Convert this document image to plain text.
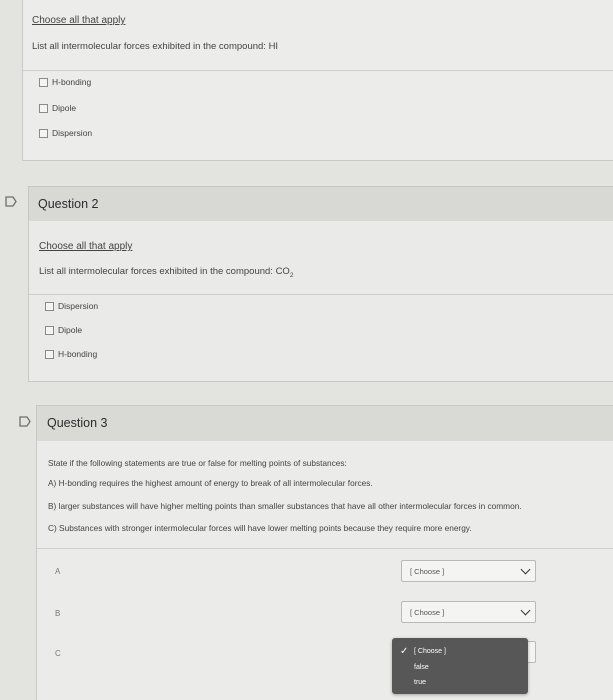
Choose all that apply
List all intermolecular forces exhibited in the compound: HI
H-bonding
Dipole
Dispersion
Question 2
Choose all that apply
List all intermolecular forces exhibited in the compound: $CO_2$
Dispersion
Dipole
H-bonding
Question 3
State if the following statements are true or false for melting points of substances:
A) H-bonding requires the highest amount of energy to break of all intermolecular forces.
B) larger substances will have higher melting points than smaller substances that have all other intermolecular forces in common.
C) Substances with stronger intermolecular forces will have lower melting points because they require more energy.
A	[ Choose ]
B	[ Choose ]
C	✓ [ Choose ]
false
true
